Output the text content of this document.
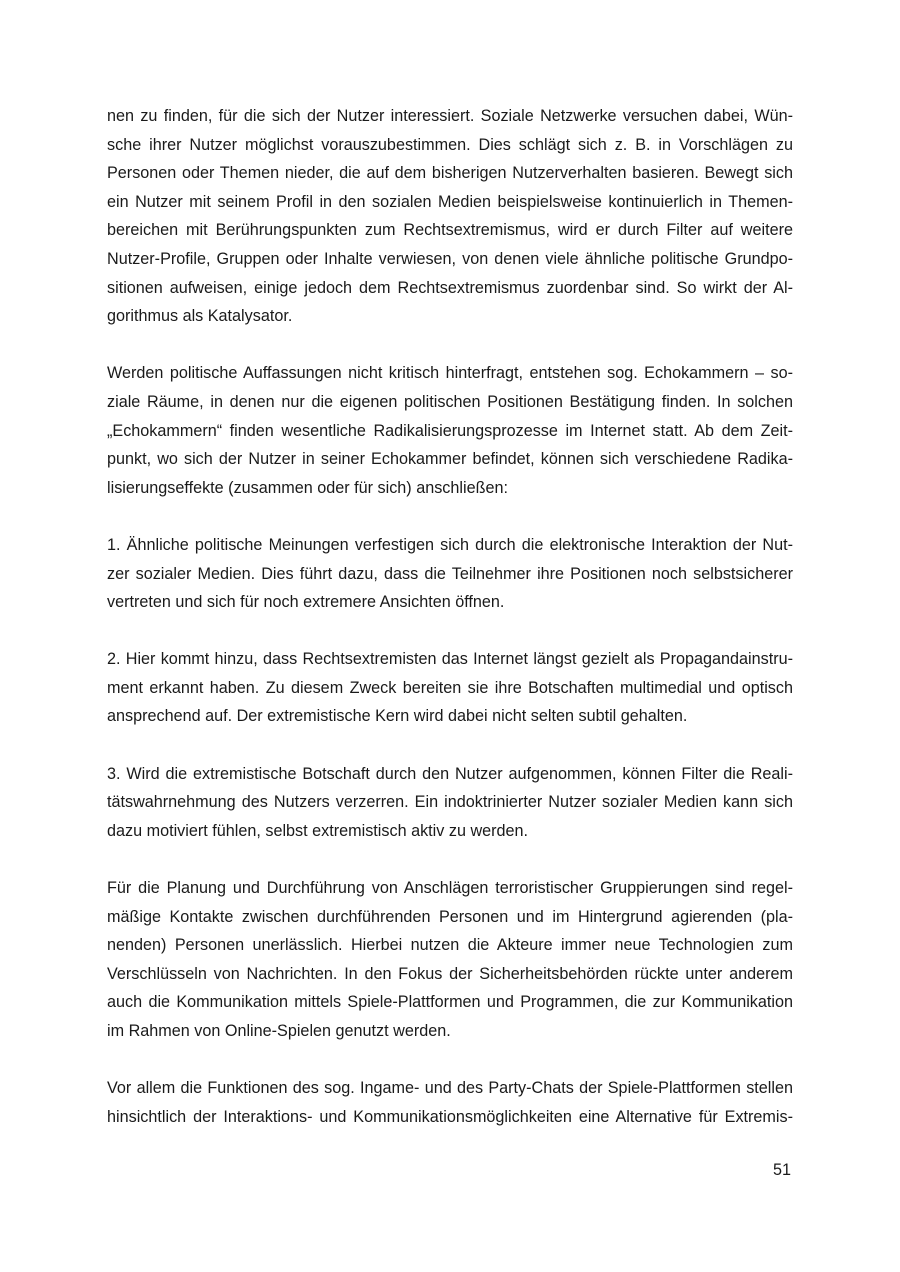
nen zu finden, für die sich der Nutzer interessiert. Soziale Netzwerke versuchen dabei, Wün-
sche ihrer Nutzer möglichst vorauszubestimmen. Dies schlägt sich z. B. in Vorschlägen zu
Personen oder Themen nieder, die auf dem bisherigen Nutzerverhalten basieren. Bewegt sich
ein Nutzer mit seinem Profil in den sozialen Medien beispielsweise kontinuierlich in Themen-
bereichen mit Berührungspunkten zum Rechtsextremismus, wird er durch Filter auf weitere
Nutzer-Profile, Gruppen oder Inhalte verwiesen, von denen viele ähnliche politische Grundpo-
sitionen aufweisen, einige jedoch dem Rechtsextremismus zuordenbar sind. So wirkt der Al-
gorithmus als Katalysator.
Werden politische Auffassungen nicht kritisch hinterfragt, entstehen sog. Echokammern – so-
ziale Räume, in denen nur die eigenen politischen Positionen Bestätigung finden. In solchen
„Echokammern“ finden wesentliche Radikalisierungsprozesse im Internet statt. Ab dem Zeit-
punkt, wo sich der Nutzer in seiner Echokammer befindet, können sich verschiedene Radika-
lisierungseffekte (zusammen oder für sich) anschließen:
1. Ähnliche politische Meinungen verfestigen sich durch die elektronische Interaktion der Nut-
zer sozialer Medien. Dies führt dazu, dass die Teilnehmer ihre Positionen noch selbstsicherer
vertreten und sich für noch extremere Ansichten öffnen.
2. Hier kommt hinzu, dass Rechtsextremisten das Internet längst gezielt als Propagandainstru-
ment erkannt haben. Zu diesem Zweck bereiten sie ihre Botschaften multimedial und optisch
ansprechend auf. Der extremistische Kern wird dabei nicht selten subtil gehalten.
3. Wird die extremistische Botschaft durch den Nutzer aufgenommen, können Filter die Reali-
tätswahrnehmung des Nutzers verzerren. Ein indoktrinierter Nutzer sozialer Medien kann sich
dazu motiviert fühlen, selbst extremistisch aktiv zu werden.
Für die Planung und Durchführung von Anschlägen terroristischer Gruppierungen sind regel-
mäßige Kontakte zwischen durchführenden Personen und im Hintergrund agierenden (pla-
nenden) Personen unerlässlich. Hierbei nutzen die Akteure immer neue Technologien zum
Verschlüsseln von Nachrichten. In den Fokus der Sicherheitsbehörden rückte unter anderem
auch die Kommunikation mittels Spiele-Plattformen und Programmen, die zur Kommunikation
im Rahmen von Online-Spielen genutzt werden.
Vor allem die Funktionen des sog. Ingame- und des Party-Chats der Spiele-Plattformen stellen
hinsichtlich der Interaktions- und Kommunikationsmöglichkeiten eine Alternative für Extremis-
51
